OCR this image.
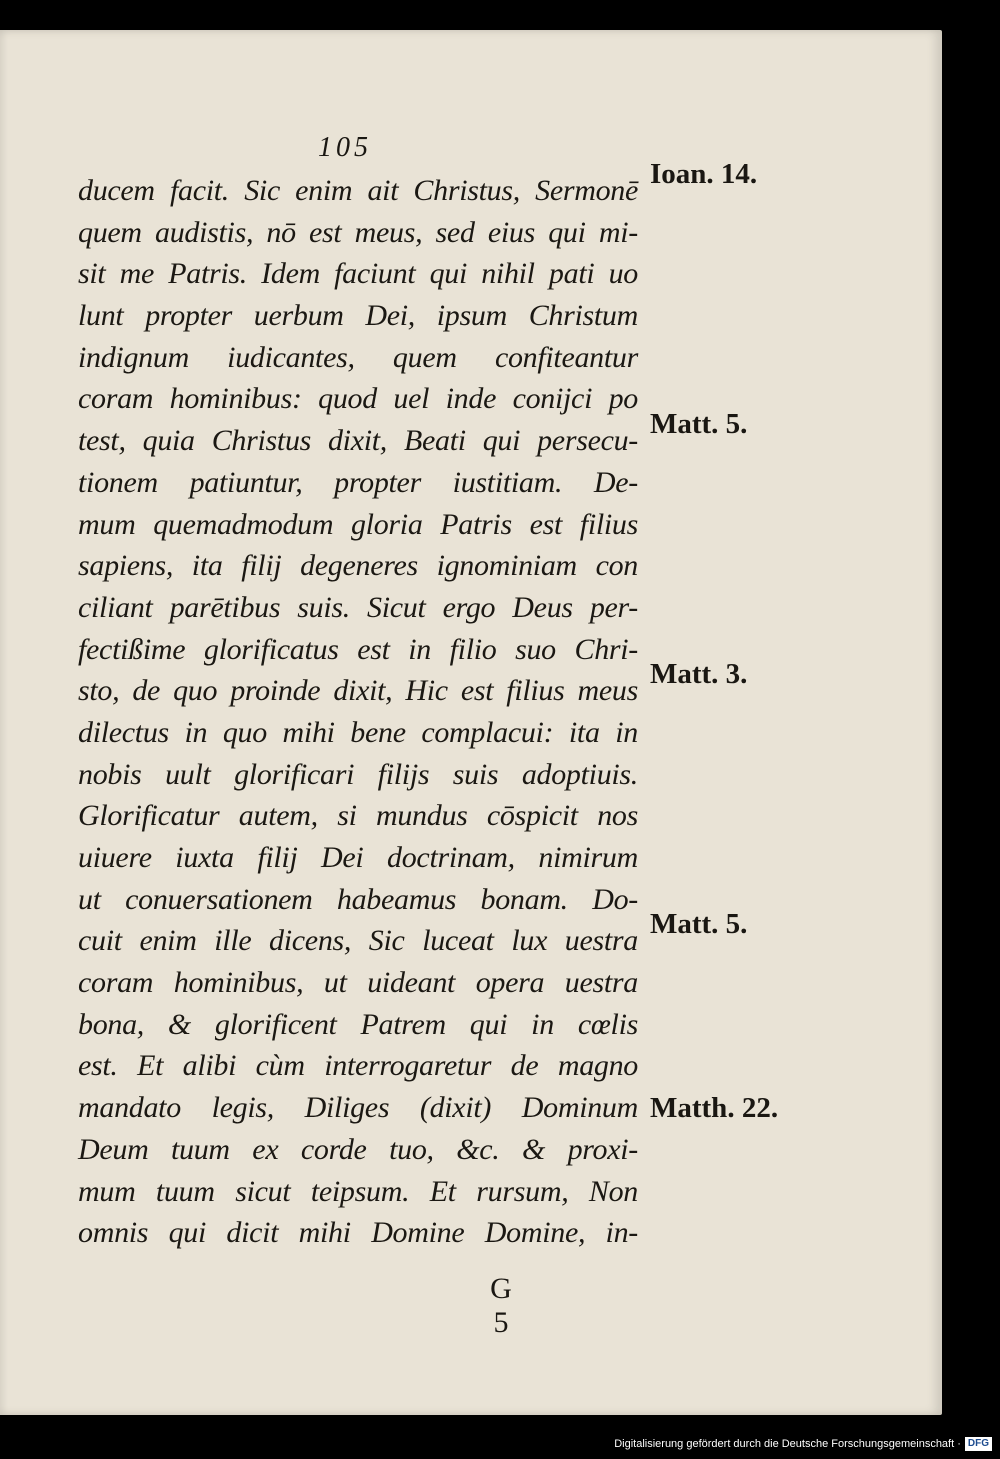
105
ducem facit. Sic enim ait Christus, Sermonē
quem audistis, nō est meus, sed eius qui mi-
sit me Patris. Idem faciunt qui nihil pati uo
lunt propter uerbum Dei, ipsum Christum
indignum iudicantes, quem confiteantur
coram hominibus: quod uel inde conijci po
test, quia Christus dixit, Beati qui persecu-
tionem patiuntur, propter iustitiam. De-
mum quemadmodum gloria Patris est filius
sapiens, ita filij degeneres ignominiam con
ciliant parētibus suis. Sicut ergo Deus per-
fectißime glorificatus est in filio suo Chri-
sto, de quo proinde dixit, Hic est filius meus
dilectus in quo mihi bene complacui: ita in
nobis uult glorificari filijs suis adoptiuis.
Glorificatur autem, si mundus cōspicit nos
uiuere iuxta filij Dei doctrinam, nimirum
ut conuersationem habeamus bonam. Do-
cuit enim ille dicens, Sic luceat lux uestra
coram hominibus, ut uideant opera uestra
bona, & glorificent Patrem qui in cœlis
est. Et alibi cùm interrogaretur de magno
mandato legis, Diliges (dixit) Dominum
Deum tuum ex corde tuo, &c. & proxi-
mum tuum sicut teipsum. Et rursum, Non
omnis qui dicit mihi Domine Domine, in-
Ioan. 14.
Matt. 5.
Matt. 3.
Matt. 5.
Matth. 22.
G 5
Digitalisierung gefördert durch die Deutsche Forschungsgemeinschaft · DFG
